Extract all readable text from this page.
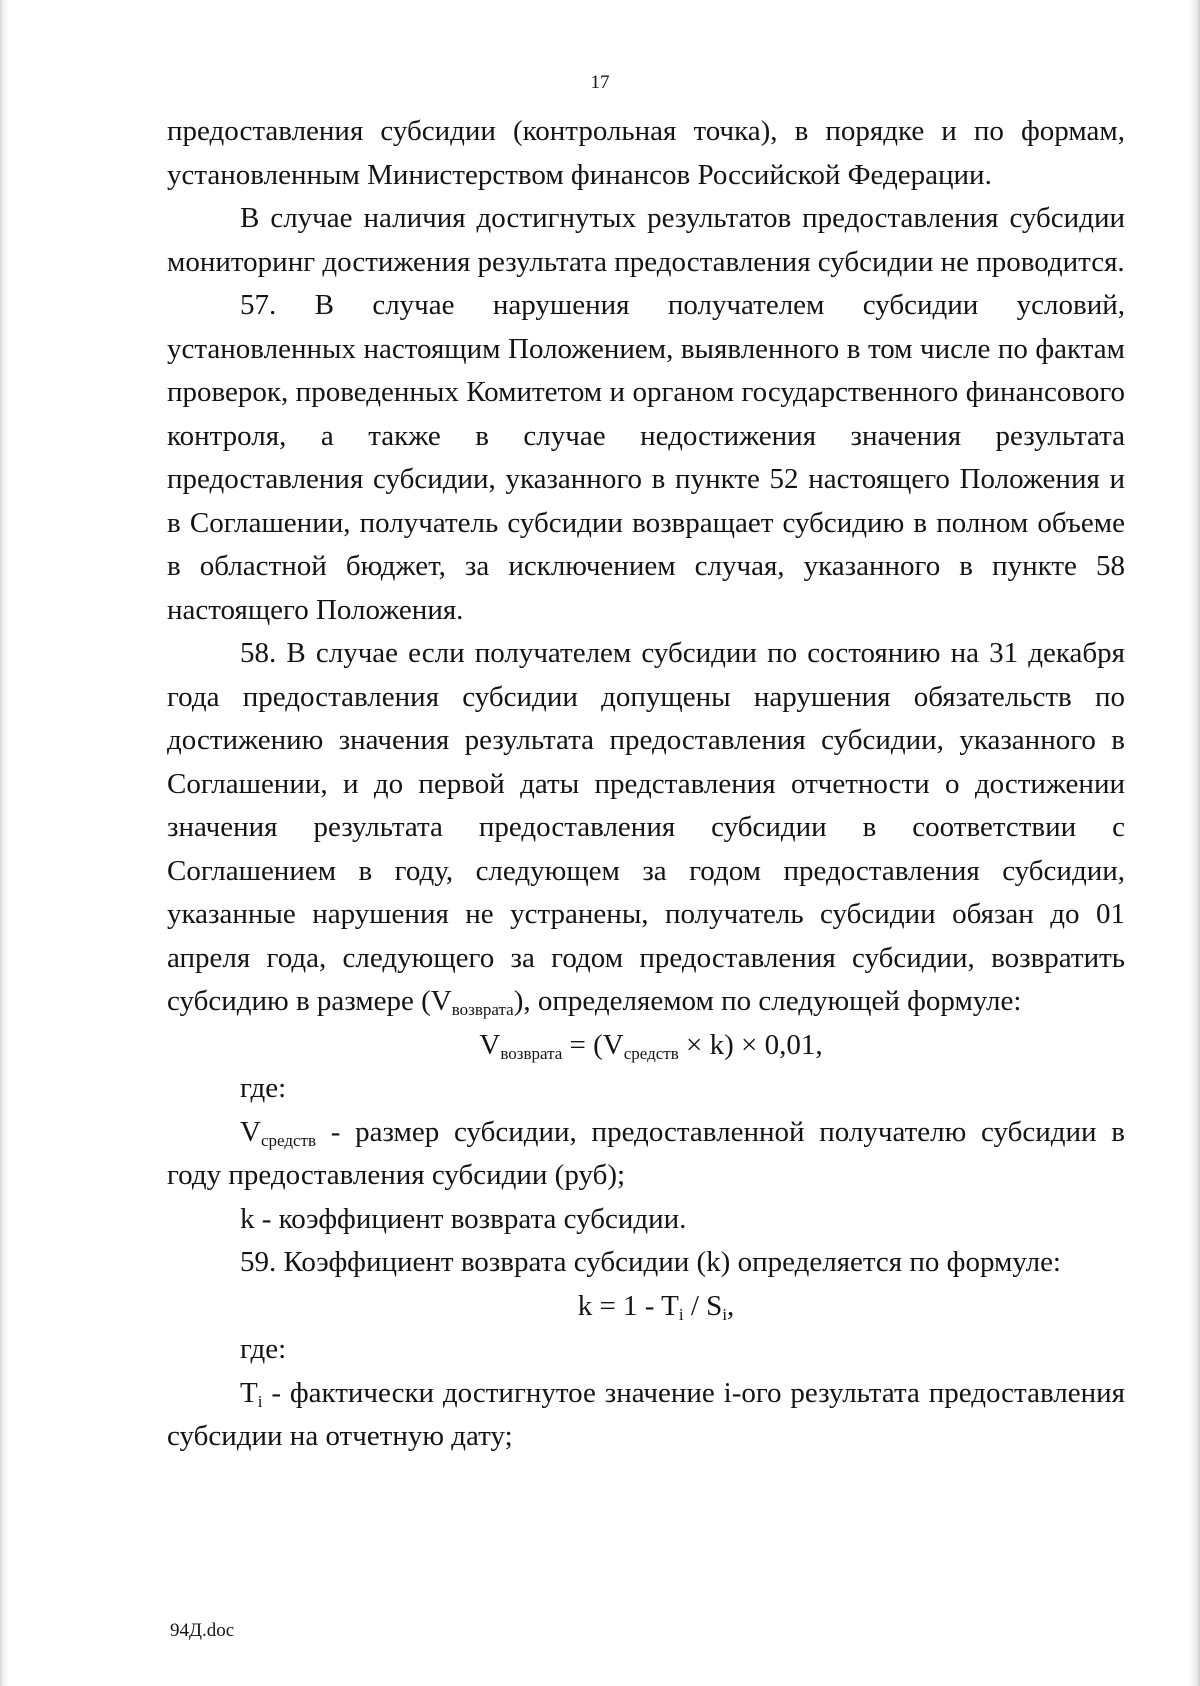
17

предоставления субсидии (контрольная точка), в порядке и по формам, установленным Министерством финансов Российской Федерации.

В случае наличия достигнутых результатов предоставления субсидии мониторинг достижения результата предоставления субсидии не проводится.

57. В случае нарушения получателем субсидии условий, установленных настоящим Положением, выявленного в том числе по фактам проверок, проведенных Комитетом и органом государственного финансового контроля, а также в случае недостижения значения результата предоставления субсидии, указанного в пункте 52 настоящего Положения и в Соглашении, получатель субсидии возвращает субсидию в полном объеме в областной бюджет, за исключением случая, указанного в пункте 58 настоящего Положения.

58. В случае если получателем субсидии по состоянию на 31 декабря года предоставления субсидии допущены нарушения обязательств по достижению значения результата предоставления субсидии, указанного в Соглашении, и до первой даты представления отчетности о достижении значения результата предоставления субсидии в соответствии с Соглашением в году, следующем за годом предоставления субсидии, указанные нарушения не устранены, получатель субсидии обязан до 01 апреля года, следующего за годом предоставления субсидии, возвратить субсидию в размере $(V_{возврата})$, определяемом по следующей формуле:

$V_{возврата} = (V_{средств} \times k) \times 0,01$,

где:

$V_{средств}$ - размер субсидии, предоставленной получателю субсидии в году предоставления субсидии (руб);

k - коэффициент возврата субсидии.

59. Коэффициент возврата субсидии (k) определяется по формуле:

$k = 1 - T_i / S_i$,

где:

$T_i$ - фактически достигнутое значение i-ого результата предоставления субсидии на отчетную дату;

94Д.doc
